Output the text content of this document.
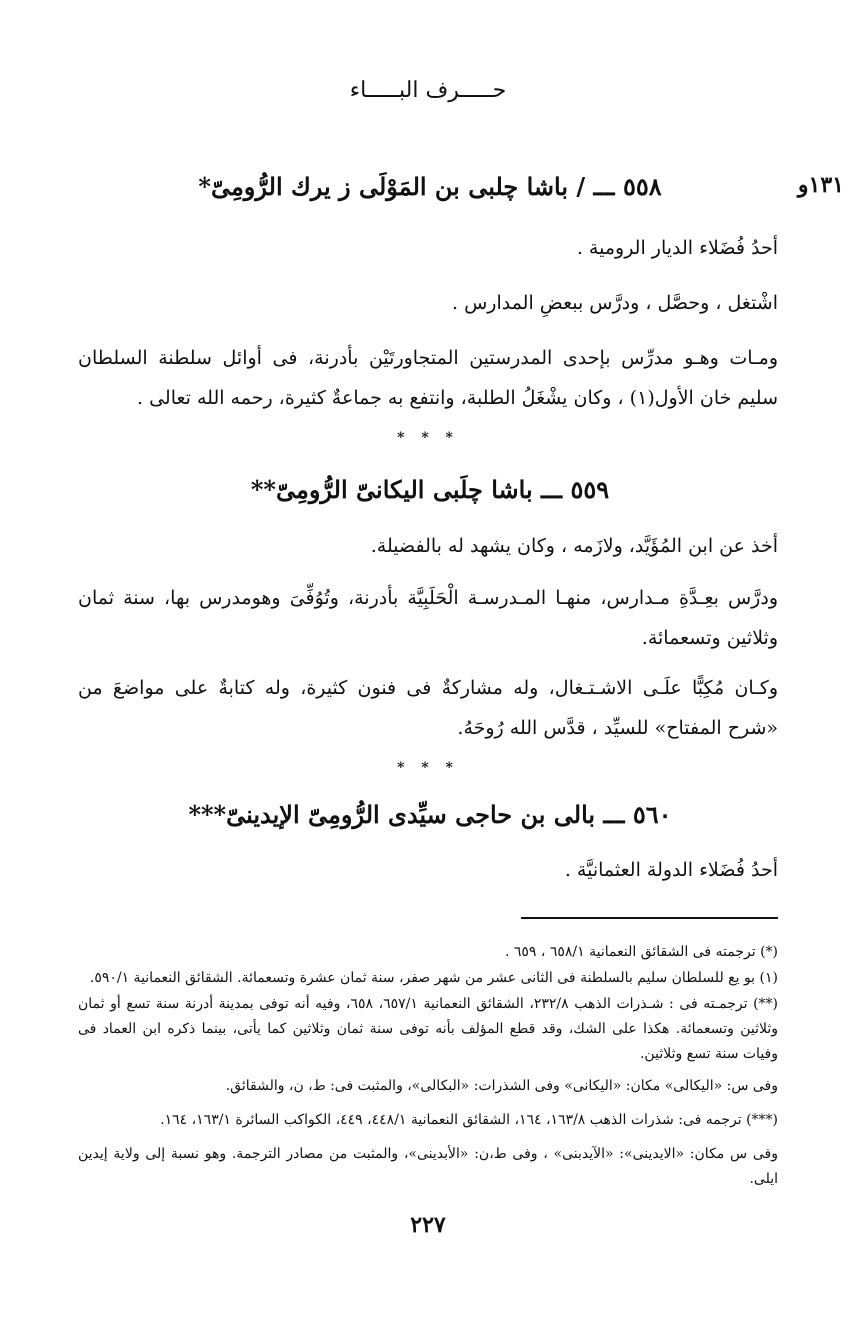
حـــــرف البـــــاء
١٣١و
٥٥٨ ـــ / باشا چلبى بن المَوْلَى ز يرك الرُّومِىّ*
أحدُ فُضَلاء الديار الرومية .
اشْتغل ، وحصَّل ، ودرَّس ببعضِ المدارس .
ومـات وهـو مدرِّس بإحدى المدرستين المتجاورتَيْن بأدرنة، فى أوائل سلطنة السلطان سليم خان الأول(١) ، وكان يشْغَلُ الطلبة، وانتفع به جماعةٌ كثيرة، رحمه الله تعالى .
* * *
٥٥٩ ـــ باشا چلَبى اليكانىّ الرُّومِىّ**
أخذ عن ابن المُؤَيَّد، ولازَمه ، وكان يشهد له بالفضيلة.
ودرَّس بعِـدَّةِ مـدارس، منهـا المـدرسـة الْحَلَبِيَّة بأدرنة، وتُوُفِّىَ وهومدرس بها، سنة ثمان وثلاثين وتسعمائة.
وكـان مُكِبًّا علَـى الاشـتـغال، وله مشاركةٌ فى فنون كثيرة، وله كتابةٌ على مواضعَ من «شرح المفتاح» للسيِّد ، قدَّس الله رُوحَهُ.
* * *
٥٦٠ ـــ بالى بن حاجى سيِّدى الرُّومِىّ الإيدينىّ***
أحدُ فُضَلاء الدولة العثمانيَّة .
(*) ترجمته فى الشقائق النعمانية ٦٥٨/١ ، ٦٥٩ .
(١) بو يع للسلطان سليم بالسلطنة فى الثانى عشر من شهر صفر، سنة ثمان عشرة وتسعمائة. الشقائق النعمانية ٥٩٠/١.
(**) ترجمـته فى : شـذرات الذهب ٢٣٢/٨، الشقائق النعمانية ٦٥٧/١، ٦٥٨، وفيه أنه توفى بمدينة أدرنة سنة تسع أو ثمان وثلاثين وتسعمائة. هكذا على الشك، وقد قطع المؤلف بأنه توفى سنة ثمان وثلاثين كما يأتى، بينما ذكره ابن العماد فى وفيات سنة تسع وثلاثين.
وفى س: «اليكالى» مكان: «اليكانى» وفى الشذرات: «البكالى»، والمثبت فى: ط، ن، والشقائق.
(***) ترجمه فى: شذرات الذهب ١٦٣/٨، ١٦٤، الشقائق النعمانية ٤٤٨/١، ٤٤٩، الكواكب السائرة ١٦٣/١، ١٦٤.
وفى س مكان: «الايدينى»: «الآيدبنى» ، وفى ط،ن: «الأبدينى»، والمثبت من مصادر الترجمة. وهو نسبة إلى ولاية إيدين ايلى.
٢٢٧
